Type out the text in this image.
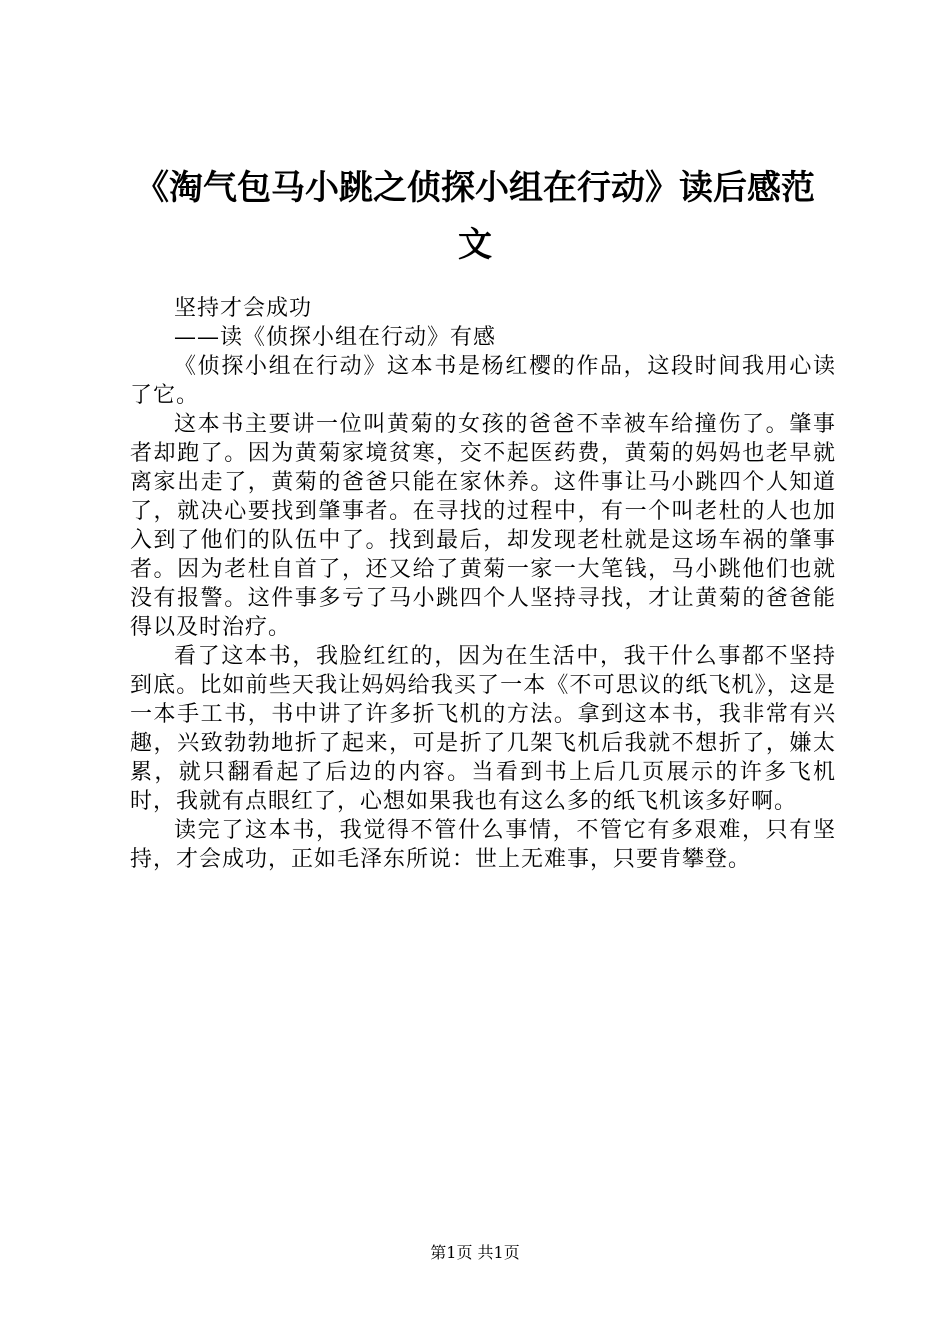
《淘气包马小跳之侦探小组在行动》读后感范文

坚持才会成功

——读《侦探小组在行动》有感

《侦探小组在行动》这本书是杨红樱的作品，这段时间我用心读了它。

这本书主要讲一位叫黄菊的女孩的爸爸不幸被车给撞伤了。肇事者却跑了。因为黄菊家境贫寒，交不起医药费，黄菊的妈妈也老早就离家出走了，黄菊的爸爸只能在家休养。这件事让马小跳四个人知道了，就决心要找到肇事者。在寻找的过程中，有一个叫老杜的人也加入到了他们的队伍中了。找到最后，却发现老杜就是这场车祸的肇事者。因为老杜自首了，还又给了黄菊一家一大笔钱，马小跳他们也就没有报警。这件事多亏了马小跳四个人坚持寻找，才让黄菊的爸爸能得以及时治疗。

看了这本书，我脸红红的，因为在生活中，我干什么事都不坚持到底。比如前些天我让妈妈给我买了一本《不可思议的纸飞机》，这是一本手工书，书中讲了许多折飞机的方法。拿到这本书，我非常有兴趣，兴致勃勃地折了起来，可是折了几架飞机后我就不想折了，嫌太累，就只翻看起了后边的内容。当看到书上后几页展示的许多飞机时，我就有点眼红了，心想如果我也有这么多的纸飞机该多好啊。

读完了这本书，我觉得不管什么事情，不管它有多艰难，只有坚持，才会成功，正如毛泽东所说：世上无难事，只要肯攀登。

第1页 共1页
